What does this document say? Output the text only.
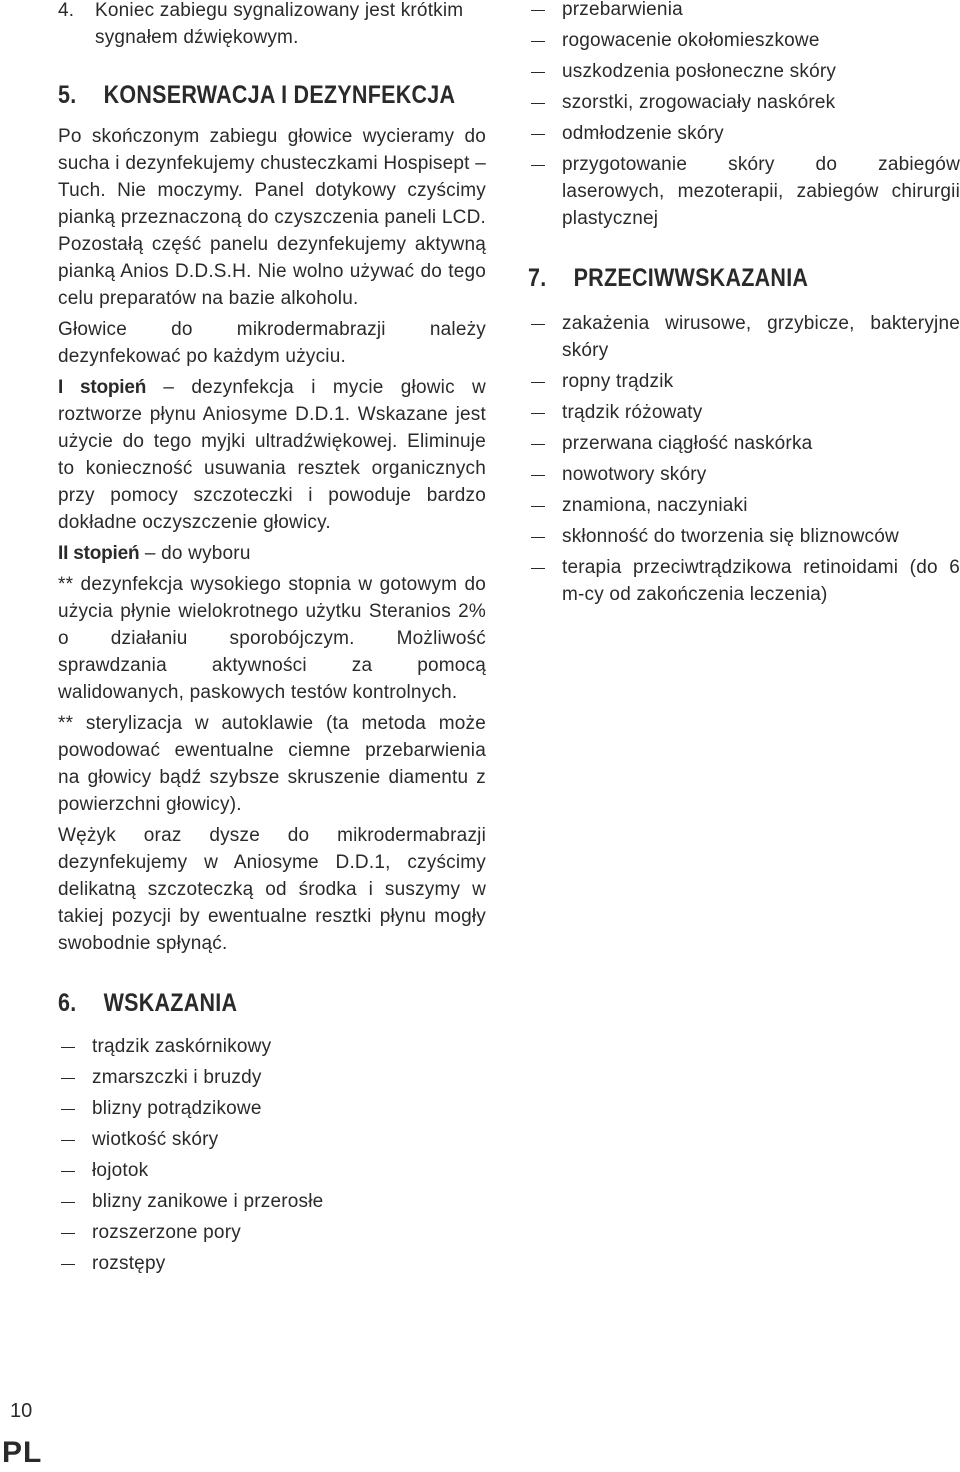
4. Koniec zabiegu sygnalizowany jest krótkim sygnałem dźwiękowym.
5. KONSERWACJA I DEZYNFEKCJA

Po skończonym zabiegu głowice wycieramy do sucha i dezynfekujemy chusteczkami Hospisept – Tuch. Nie moczymy. Panel dotykowy czyścimy pianką przeznaczoną do czyszczenia paneli LCD. Pozostałą część panelu dezynfekujemy aktywną pianką Anios D.D.S.H. Nie wolno używać do tego celu preparatów na bazie alkoholu.

Głowice do mikrodermabrazji należy dezynfekować po każdym użyciu.

I stopień – dezynfekcja i mycie głowic w roztworze płynu Aniosyme D.D.1. Wskazane jest użycie do tego myjki ultradźwiękowej. Eliminuje to konieczność usuwania resztek organicznych przy pomocy szczoteczki i powoduje bardzo dokładne oczyszczenie głowicy.

II stopień – do wyboru

** dezynfekcja wysokiego stopnia w gotowym do użycia płynie wielokrotnego użytku Steranios 2% o działaniu sporobójczym. Możliwość sprawdzania aktywności za pomocą walidowanych, paskowych testów kontrolnych.

** sterylizacja w autoklawie (ta metoda może powodować ewentualne ciemne przebarwienia na głowicy bądź szybsze skruszenie diamentu z powierzchni głowicy).

Wężyk oraz dysze do mikrodermabrazji dezynfekujemy w Aniosyme D.D.1, czyścimy delikatną szczoteczką od środka i suszymy w takiej pozycji by ewentualne resztki płynu mogły swobodnie spłynąć.

6. WSKAZANIA
trądzik zaskórnikowy
zmarszczki i bruzdy
blizny potrądzikowe
wiotkość skóry
łojotok
blizny zanikowe i przerosłe
rozszerzone pory
rozstępy
przebarwienia
rogowacenie okołomieszkowe
uszkodzenia posłoneczne skóry
szorstki, zrogowaciały naskórek
odmłodzenie skóry
przygotowanie skóry do zabiegów laserowych, mezoterapii, zabiegów chirurgii plastycznej
7. PRZECIWWSKAZANIA
zakażenia wirusowe, grzybicze, bakteryjne skóry
ropny trądzik
trądzik różowaty
przerwana ciągłość naskórka
nowotwory skóry
znamiona, naczyniaki
skłonność do tworzenia się bliznowców
terapia przeciwtrądzikowa retinoidami (do 6 m-cy od zakończenia leczenia)
10
PL
